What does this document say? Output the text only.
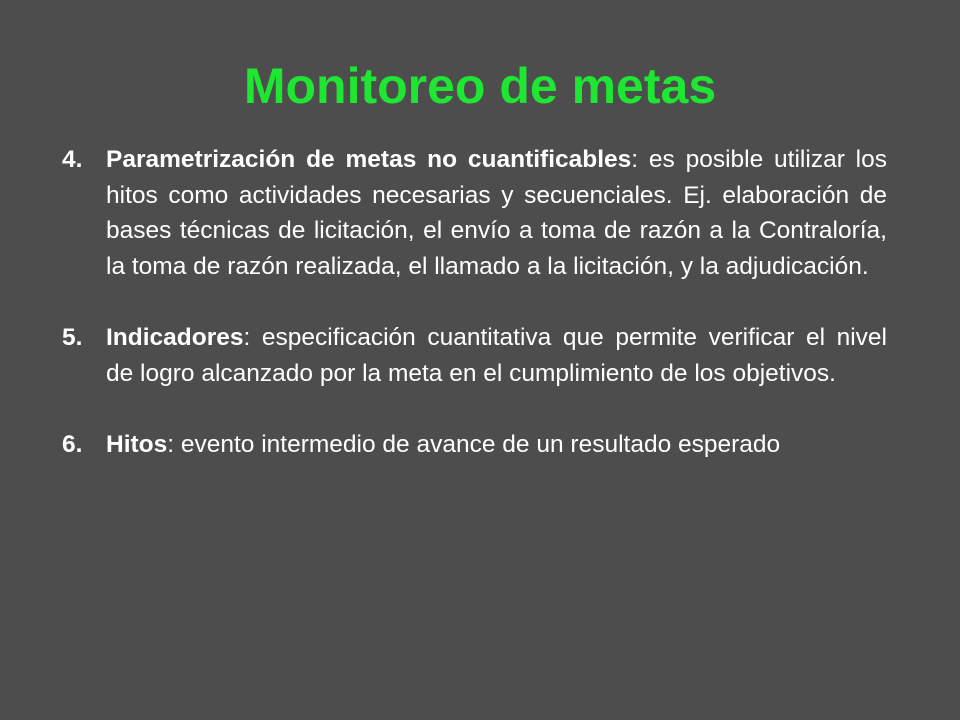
Monitoreo de metas
4. Parametrización de metas no cuantificables: es posible utilizar los hitos como actividades necesarias y secuenciales. Ej. elaboración de bases técnicas de licitación, el envío a toma de razón a la Contraloría, la toma de razón realizada, el llamado a la licitación, y la adjudicación.
5. Indicadores: especificación cuantitativa que permite verificar el nivel de logro alcanzado por la meta en el cumplimiento de los objetivos.
6. Hitos: evento intermedio de avance de un resultado esperado
